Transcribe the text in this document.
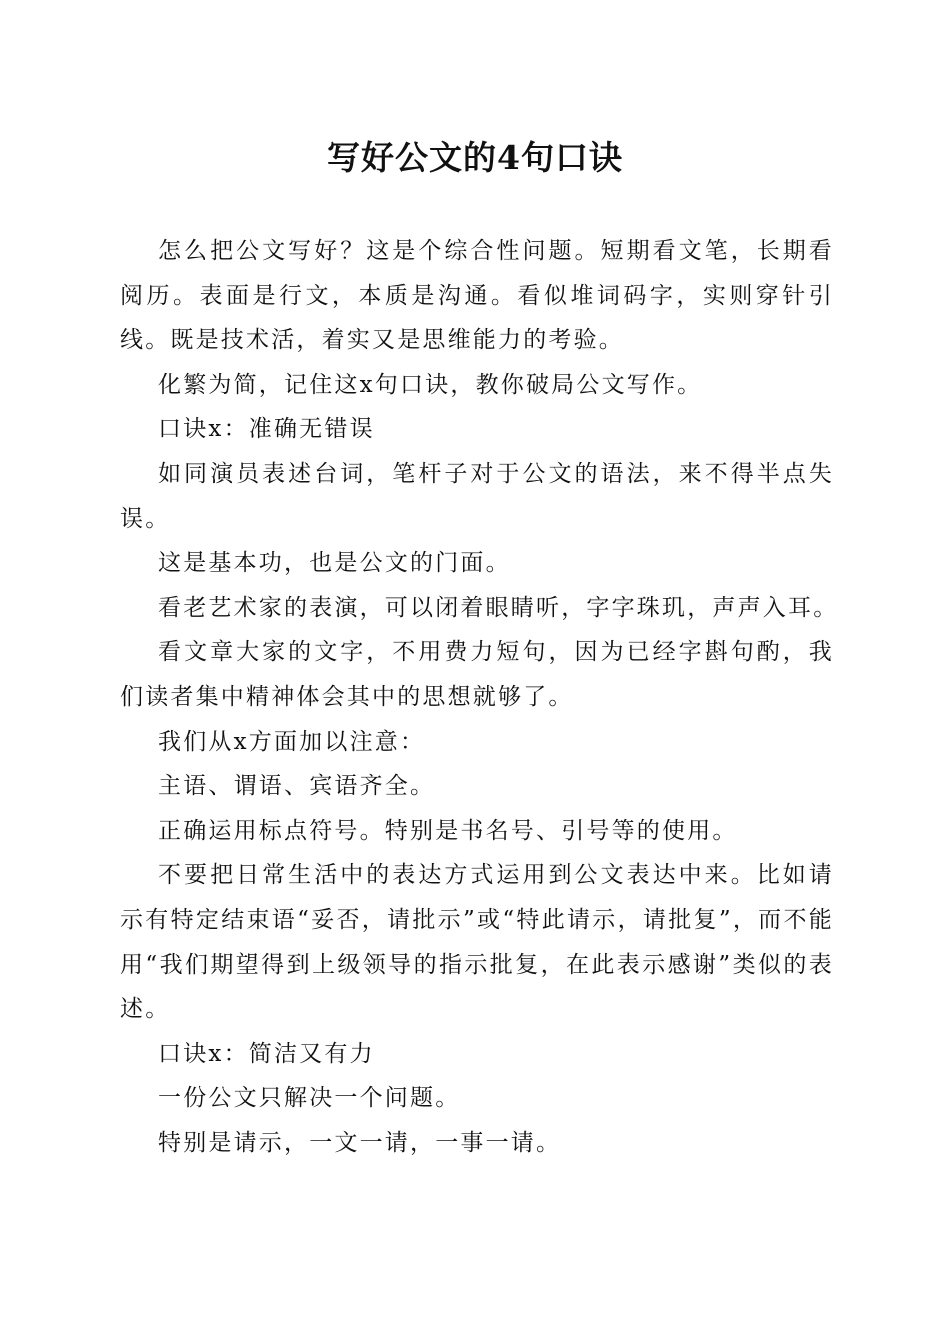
写好公文的4句口诀

怎么把公文写好？这是个综合性问题。短期看文笔，长期看阅历。表面是行文，本质是沟通。看似堆词码字，实则穿针引线。既是技术活，着实又是思维能力的考验。

化繁为简，记住这x句口诀，教你破局公文写作。

口诀x：准确无错误

如同演员表述台词，笔杆子对于公文的语法，来不得半点失误。

这是基本功，也是公文的门面。

看老艺术家的表演，可以闭着眼睛听，字字珠玑，声声入耳。

看文章大家的文字，不用费力短句，因为已经字斟句酌，我们读者集中精神体会其中的思想就够了。

我们从x方面加以注意：

主语、谓语、宾语齐全。

正确运用标点符号。特别是书名号、引号等的使用。

不要把日常生活中的表达方式运用到公文表达中来。比如请示有特定结束语“妥否，请批示”或“特此请示，请批复”，而不能用“我们期望得到上级领导的指示批复，在此表示感谢”类似的表述。

口诀x：简洁又有力

一份公文只解决一个问题。

特别是请示，一文一请，一事一请。
